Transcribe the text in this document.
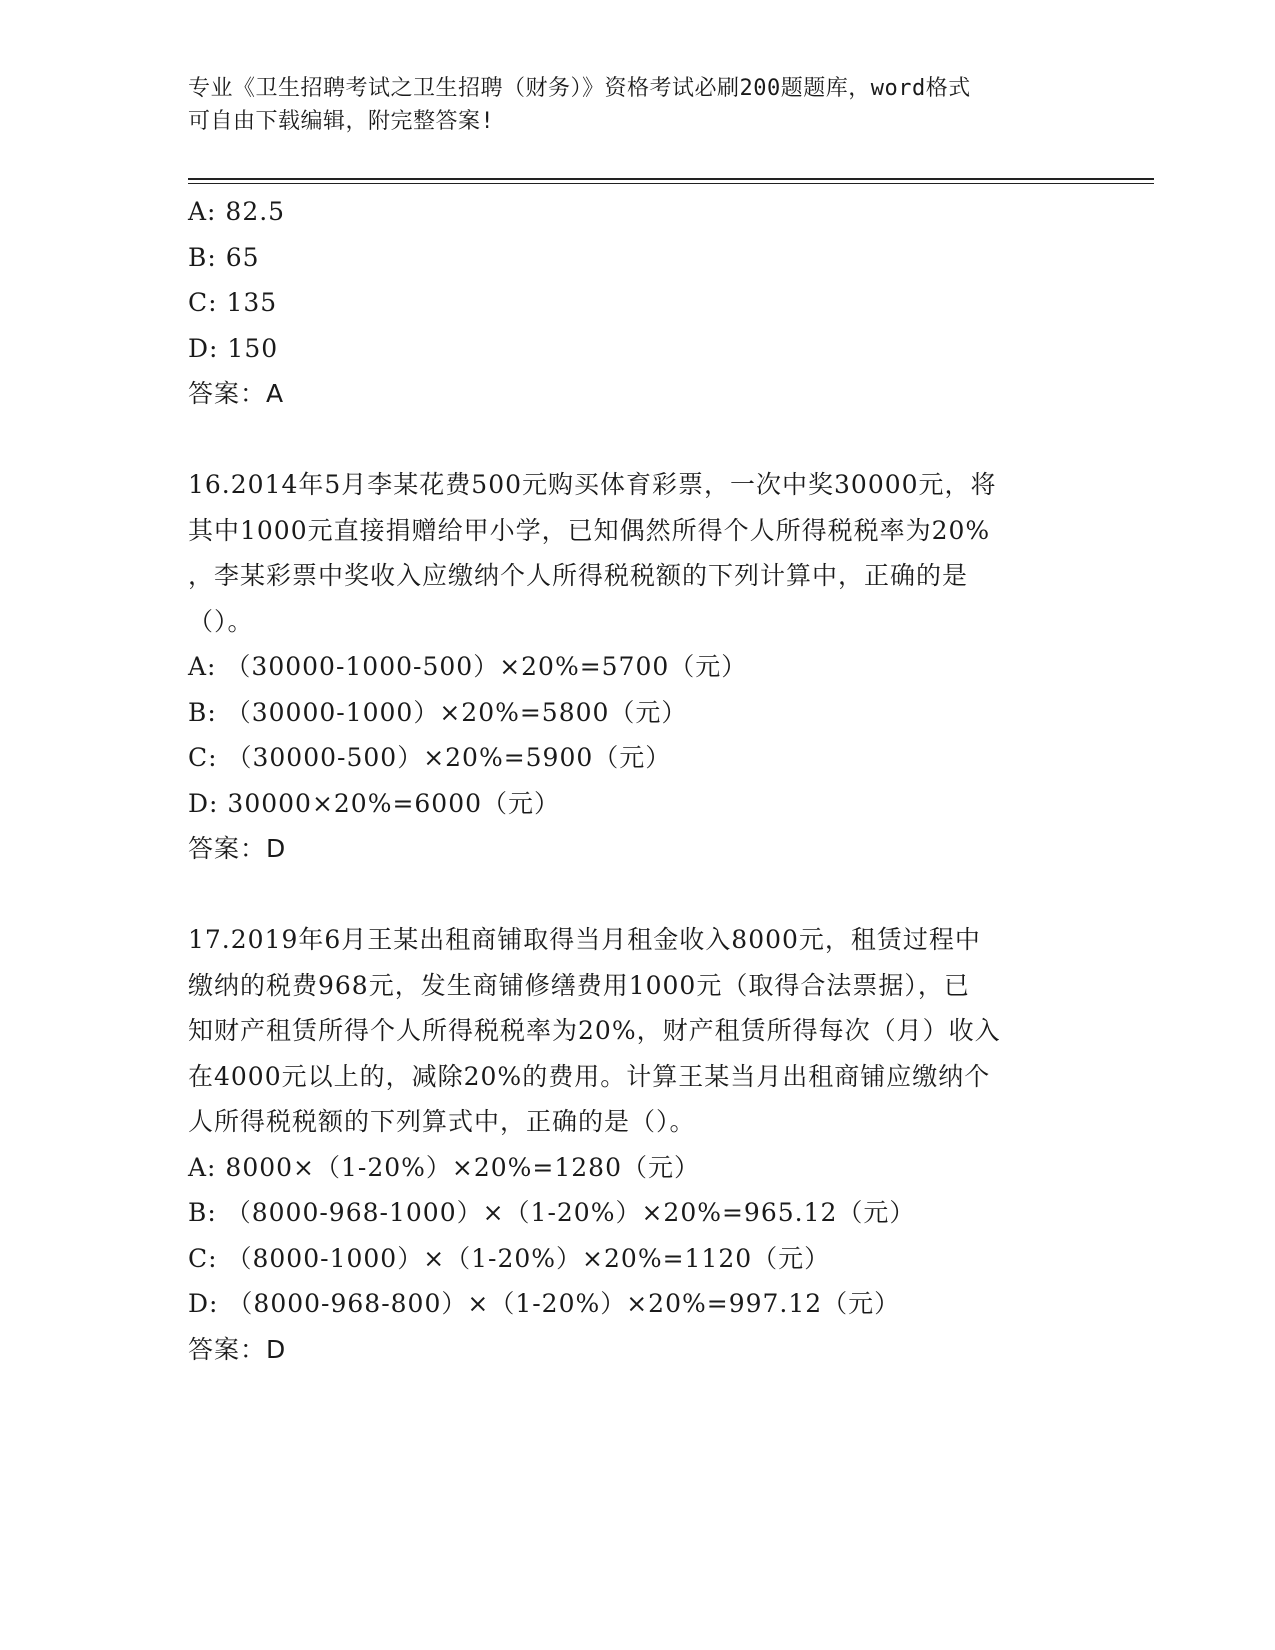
专业《卫生招聘考试之卫生招聘（财务）》资格考试必刷200题题库，word格式
可自由下载编辑，附完整答案!
A: 82.5
B: 65
C: 135
D: 150
答案：A
16.2014年5月李某花费500元购买体育彩票，一次中奖30000元，将
其中1000元直接捐赠给甲小学，已知偶然所得个人所得税税率为20%
，李某彩票中奖收入应缴纳个人所得税税额的下列计算中，正确的是
（）。
A: （30000-1000-500）×20%=5700（元）
B: （30000-1000）×20%=5800（元）
C: （30000-500）×20%=5900（元）
D: 30000×20%=6000（元）
答案：D
17.2019年6月王某出租商铺取得当月租金收入8000元，租赁过程中
缴纳的税费968元，发生商铺修缮费用1000元（取得合法票据），已
知财产租赁所得个人所得税税率为20%，财产租赁所得每次（月）收入
在4000元以上的，减除20%的费用。计算王某当月出租商铺应缴纳个
人所得税税额的下列算式中，正确的是（）。
A: 8000×（1-20%）×20%=1280（元）
B: （8000-968-1000）×（1-20%）×20%=965.12（元）
C: （8000-1000）×（1-20%）×20%=1120（元）
D: （8000-968-800）×（1-20%）×20%=997.12（元）
答案：D
